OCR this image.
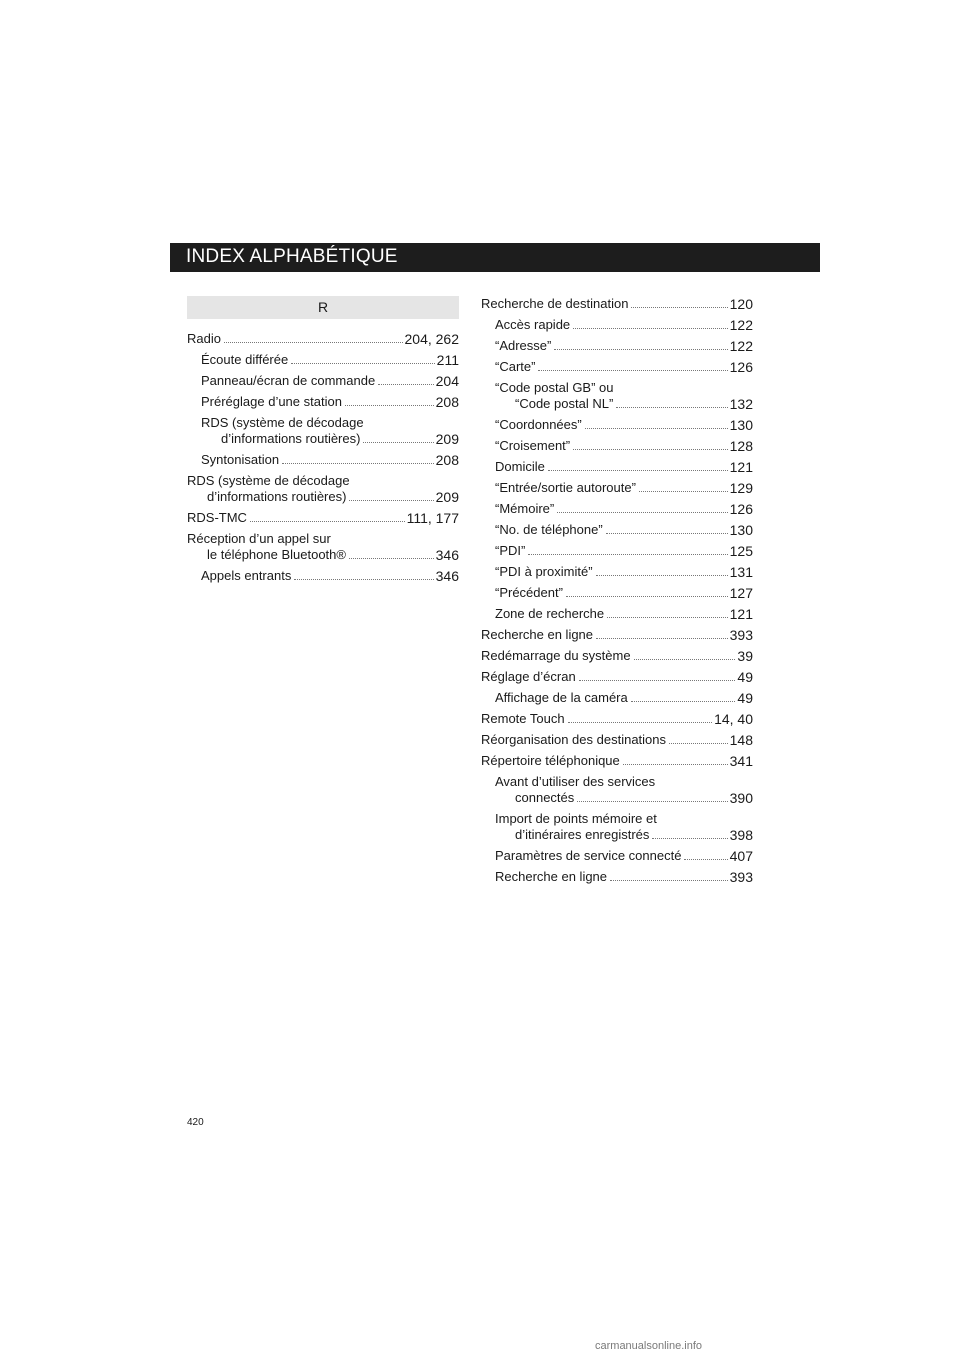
INDEX ALPHABÉTIQUE
R
Radio	204, 262
Écoute différée	211
Panneau/écran de commande	204
Préréglage d’une station	208
RDS (système de décodage
d’informations routières)	209
Syntonisation	208
RDS (système de décodage
d’informations routières)	209
RDS-TMC	111, 177
Réception d’un appel sur
le téléphone Bluetooth®	346
Appels entrants	346
Recherche de destination	120
Accès rapide	122
“Adresse”	122
“Carte”	126
“Code postal GB” ou
“Code postal NL”	132
“Coordonnées”	130
“Croisement”	128
Domicile	121
“Entrée/sortie autoroute”	129
“Mémoire”	126
“No. de téléphone”	130
“PDI”	125
“PDI à proximité”	131
“Précédent”	127
Zone de recherche	121
Recherche en ligne	393
Redémarrage du système	39
Réglage d’écran	49
Affichage de la caméra	49
Remote Touch	14, 40
Réorganisation des destinations	148
Répertoire téléphonique	341
Avant d’utiliser des services
connectés	390
Import de points mémoire et
d’itinéraires enregistrés	398
Paramètres de service connecté	407
Recherche en ligne	393
420
carmanualsonline.info
